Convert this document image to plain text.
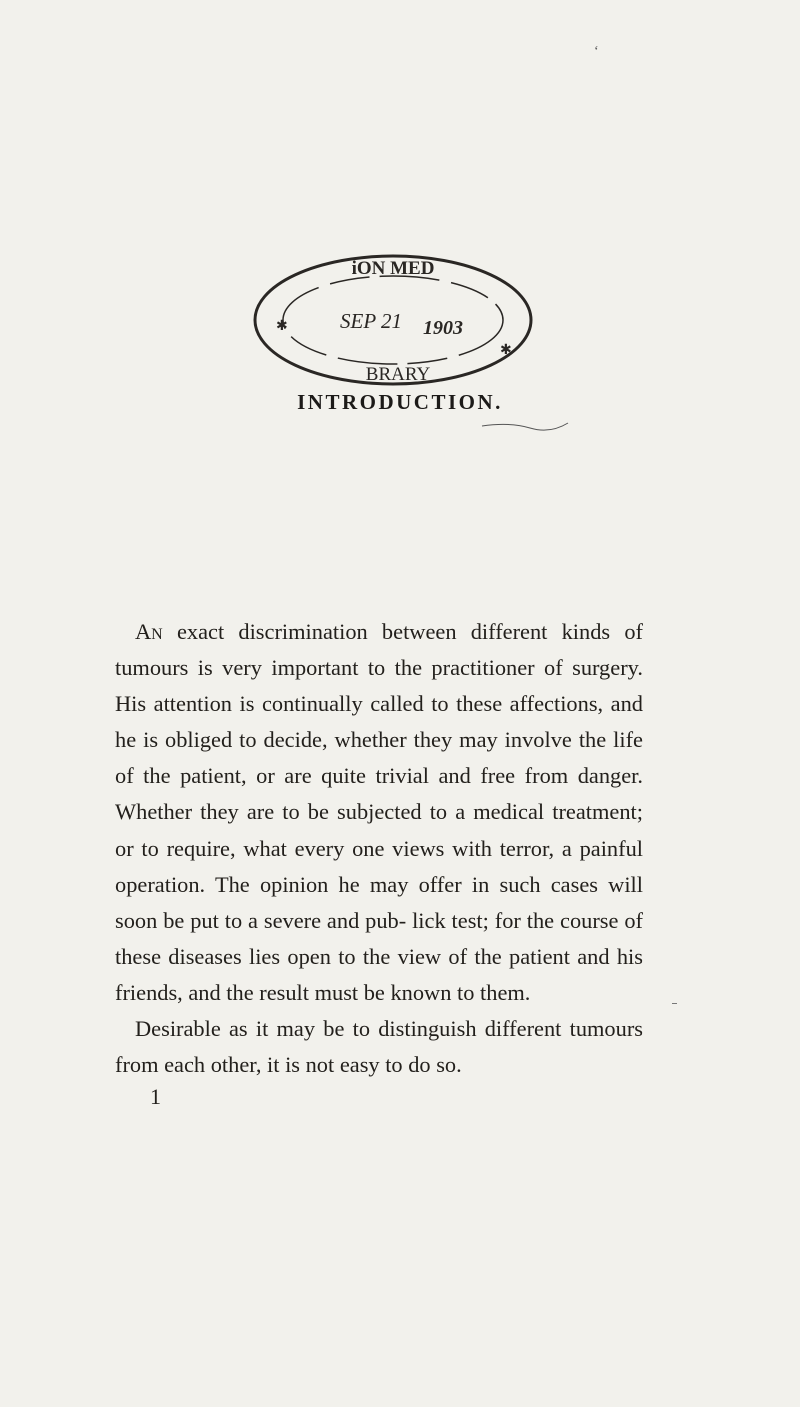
ʻ
iON MED
SEP 21 1903
BRARY
✱
✱
INTRODUCTION.

An exact discrimination between different kinds of tumours is very important to the practitioner of surgery. His attention is continually called to these affections, and he is obliged to decide, whether they may involve the life of the patient, or are quite trivial and free from danger. Whether they are to be subjected to a medical treatment; or to require, what every one views with terror, a painful operation. The opinion he may offer in such cases will soon be put to a severe and pub- lick test; for the course of these diseases lies open to the view of the patient and his friends, and the result must be known to them.

Desirable as it may be to distinguish different tumours from each other, it is not easy to do so.

1
